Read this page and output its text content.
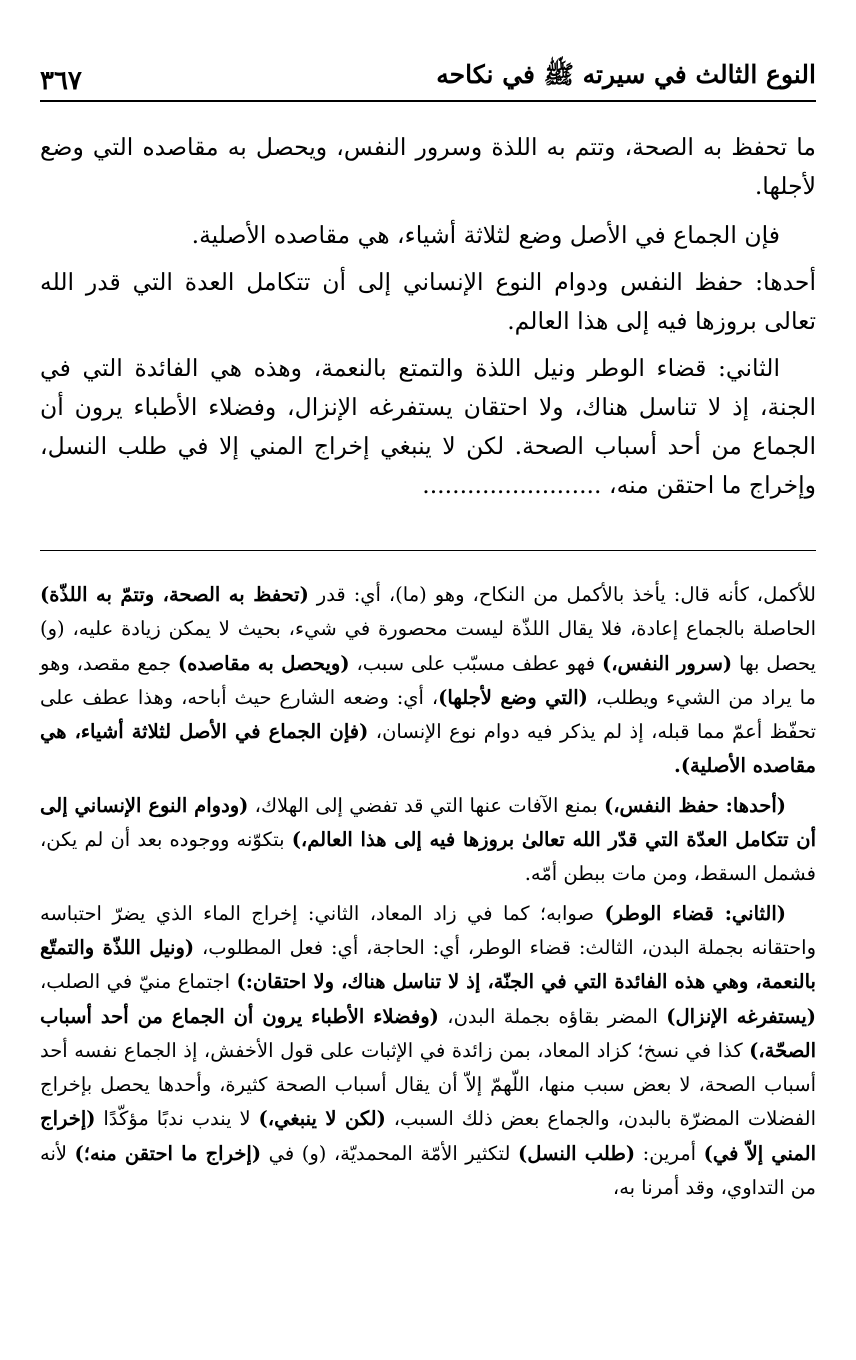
النوع الثالث في سيرته ﷺ في نكاحه
٣٦٧

ما تحفظ به الصحة، وتتم به اللذة وسرور النفس، ويحصل به مقاصده التي وضع لأجلها.

فإن الجماع في الأصل وضع لثلاثة أشياء، هي مقاصده الأصلية.

أحدها: حفظ النفس ودوام النوع الإنساني إلى أن تتكامل العدة التي قدر الله تعالى بروزها فيه إلى هذا العالم.

الثاني: قضاء الوطر ونيل اللذة والتمتع بالنعمة، وهذه هي الفائدة التي في الجنة، إذ لا تناسل هناك، ولا احتقان يستفرغه الإنزال، وفضلاء الأطباء يرون أن الجماع من أحد أسباب الصحة. لكن لا ينبغي إخراج المني إلا في طلب النسل، وإخراج ما احتقن منه، ........................

للأكمل، كأنه قال: يأخذ بالأكمل من النكاح، وهو (ما)، أي: قدر (تحفظ به الصحة، وتتمّ به اللذّة) الحاصلة بالجماع إعادة، فلا يقال اللذّة ليست محصورة في شيء، بحيث لا يمكن زيادة عليه، (و) يحصل بها (سرور النفس،) فهو عطف مسبّب على سبب، (ويحصل به مقاصده) جمع مقصد، وهو ما يراد من الشيء ويطلب، (التي وضع لأجلها)، أي: وضعه الشارع حيث أباحه، وهذا عطف على تحفّظ أعمّ مما قبله، إذ لم يذكر فيه دوام نوع الإنسان، (فإن الجماع في الأصل لثلاثة أشياء، هي مقاصده الأصلية).

(أحدها: حفظ النفس،) بمنع الآفات عنها التي قد تفضي إلى الهلاك، (ودوام النوع الإنساني إلى أن تتكامل العدّة التي قدّر الله تعالىٰ بروزها فيه إلى هذا العالم،) بتكوّنه ووجوده بعد أن لم يكن، فشمل السقط، ومن مات ببطن أمّه.

(الثاني: قضاء الوطر) صوابه؛ كما في زاد المعاد، الثاني: إخراج الماء الذي يضرّ احتباسه واحتقانه بجملة البدن، الثالث: قضاء الوطر، أي: الحاجة، أي: فعل المطلوب، (ونيل اللذّة والتمتّع بالنعمة، وهي هذه الفائدة التي في الجنّة، إذ لا تناسل هناك، ولا احتقان:) اجتماع منيّ في الصلب، (يستفرغه الإنزال) المضر بقاؤه بجملة البدن، (وفضلاء الأطباء يرون أن الجماع من أحد أسباب الصحّة،) كذا في نسخ؛ كزاد المعاد، بمن زائدة في الإثبات على قول الأخفش، إذ الجماع نفسه أحد أسباب الصحة، لا بعض سبب منها، اللّهمّ إلاّ أن يقال أسباب الصحة كثيرة، وأحدها يحصل بإخراج الفضلات المضرّة بالبدن، والجماع بعض ذلك السبب، (لكن لا ينبغي،) لا يندب ندبًا مؤكّدًا (إخراج المني إلاّ في) أمرين: (طلب النسل) لتكثير الأمّة المحمديّة، (و) في (إخراج ما احتقن منه؛) لأنه من التداوي، وقد أمرنا به،
